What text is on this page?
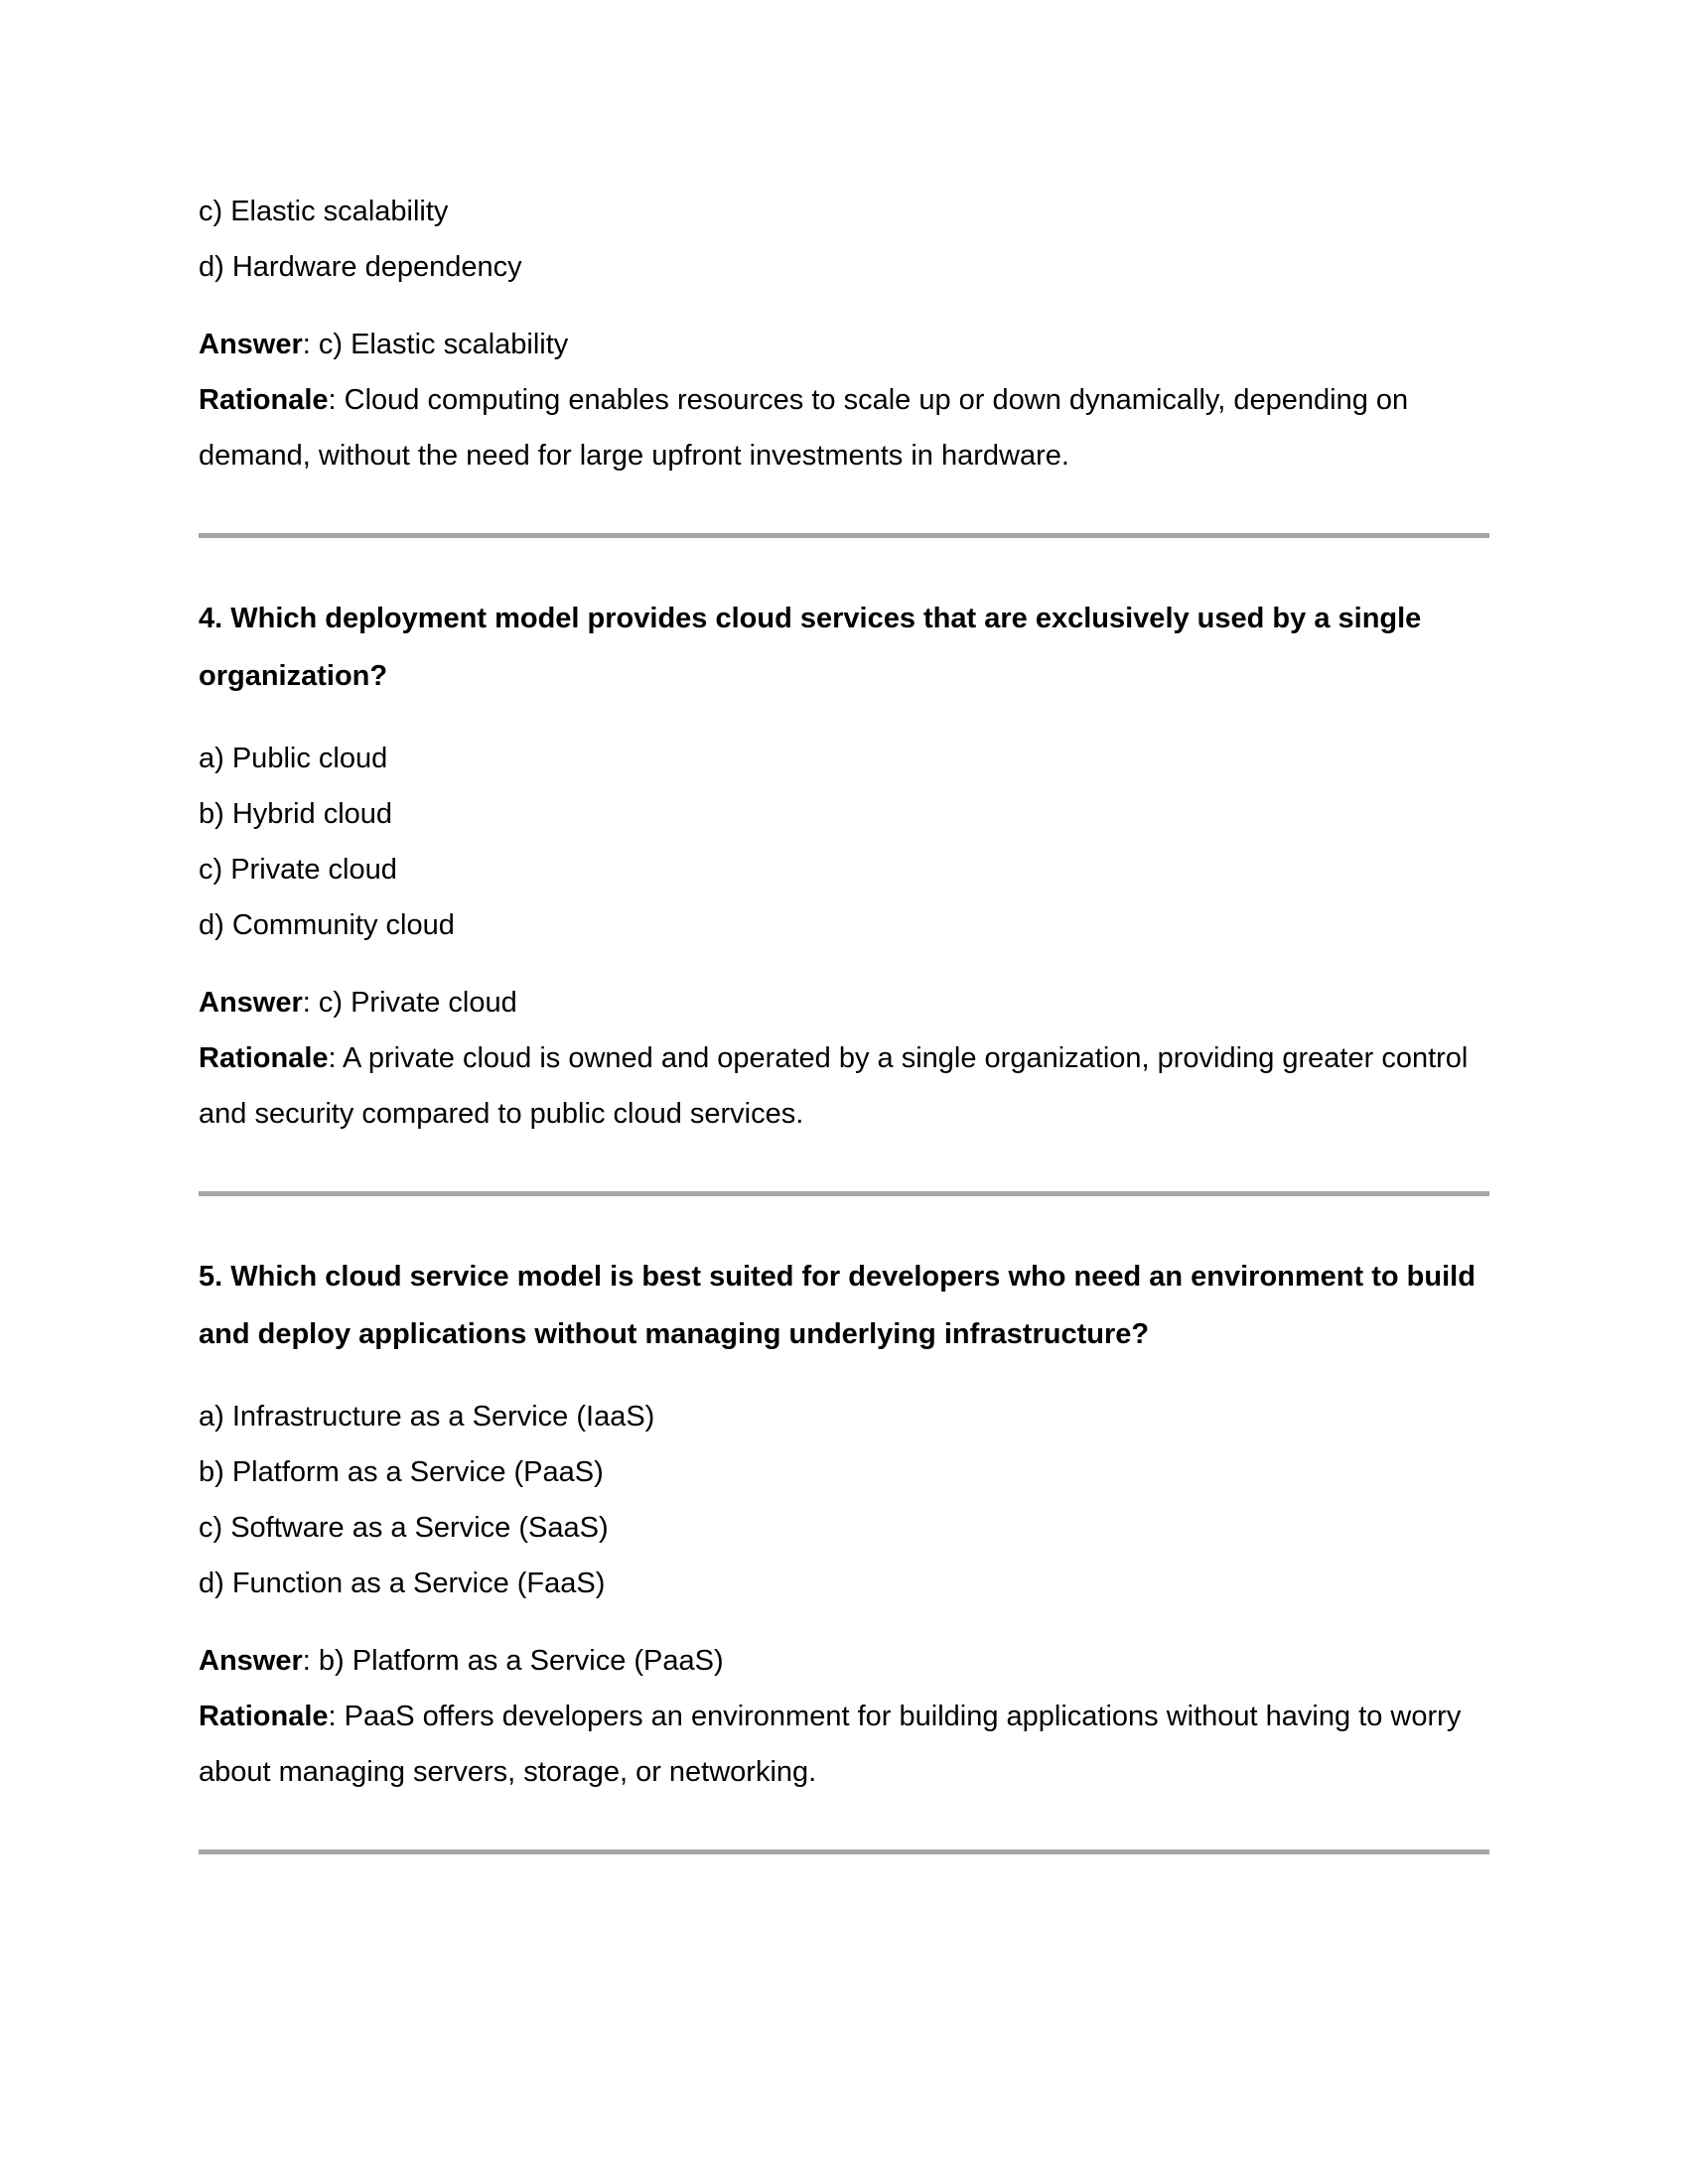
c) Elastic scalability
d) Hardware dependency
Answer: c) Elastic scalability
Rationale: Cloud computing enables resources to scale up or down dynamically, depending on demand, without the need for large upfront investments in hardware.
4. Which deployment model provides cloud services that are exclusively used by a single organization?
a) Public cloud
b) Hybrid cloud
c) Private cloud
d) Community cloud
Answer: c) Private cloud
Rationale: A private cloud is owned and operated by a single organization, providing greater control and security compared to public cloud services.
5. Which cloud service model is best suited for developers who need an environment to build and deploy applications without managing underlying infrastructure?
a) Infrastructure as a Service (IaaS)
b) Platform as a Service (PaaS)
c) Software as a Service (SaaS)
d) Function as a Service (FaaS)
Answer: b) Platform as a Service (PaaS)
Rationale: PaaS offers developers an environment for building applications without having to worry about managing servers, storage, or networking.
